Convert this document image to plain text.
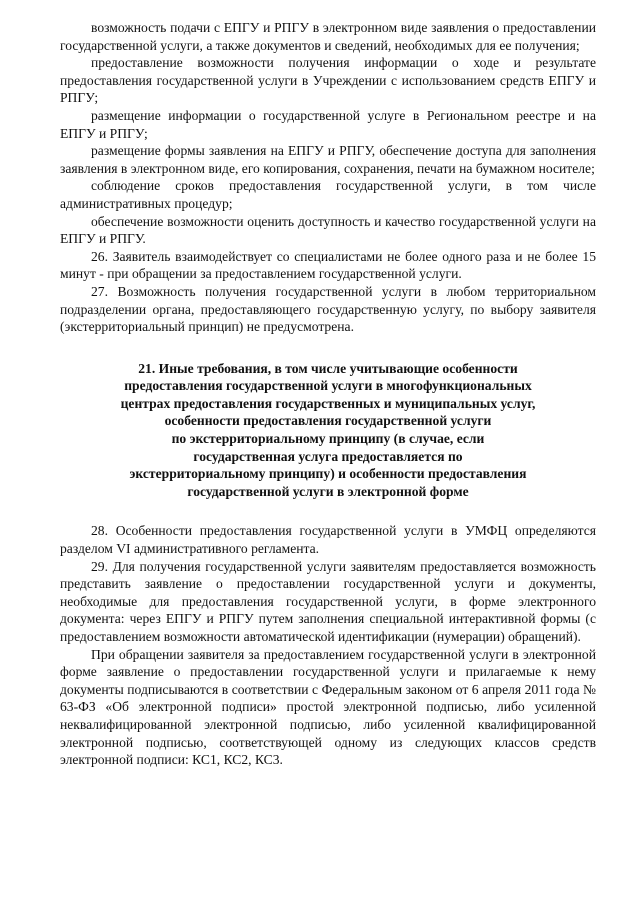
возможность подачи с ЕПГУ и РПГУ в электронном виде заявления о предоставлении государственной услуги, а также документов и сведений, необходимых для ее получения;

предоставление возможности получения информации о ходе и результате предоставления государственной услуги в Учреждении с использованием средств ЕПГУ и РПГУ;

размещение информации о государственной услуге в Региональном реестре и на ЕПГУ и РПГУ;

размещение формы заявления на ЕПГУ и РПГУ, обеспечение доступа для заполнения заявления в электронном виде, его копирования, сохранения, печати на бумажном носителе;

соблюдение сроков предоставления государственной услуги, в том числе административных процедур;

обеспечение возможности оценить доступность и качество государственной услуги на ЕПГУ и РПГУ.

26. Заявитель взаимодействует со специалистами не более одного раза и не более 15 минут - при обращении за предоставлением государственной услуги.

27. Возможность получения государственной услуги в любом территориальном подразделении органа, предоставляющего государственную услугу, по выбору заявителя (экстерриториальный принцип) не предусмотрена.

21. Иные требования, в том числе учитывающие особенности
предоставления государственной услуги в многофункциональных
центрах предоставления государственных и муниципальных услуг,
особенности предоставления государственной услуги
по экстерриториальному принципу (в случае, если
государственная услуга предоставляется по
экстерриториальному принципу) и особенности предоставления
государственной услуги в электронной форме

28. Особенности предоставления государственной услуги в УМФЦ определяются разделом VI административного регламента.

29. Для получения государственной услуги заявителям предоставляется возможность представить заявление о предоставлении государственной услуги и документы, необходимые для предоставления государственной услуги, в форме электронного документа: через ЕПГУ и РПГУ путем заполнения специальной интерактивной формы (с предоставлением возможности автоматической идентификации (нумерации) обращений).

При обращении заявителя за предоставлением государственной услуги в электронной форме заявление о предоставлении государственной услуги и прилагаемые к нему документы подписываются в соответствии с Федеральным законом от 6 апреля 2011 года № 63-ФЗ «Об электронной подписи» простой электронной подписью, либо усиленной неквалифицированной электронной подписью, либо усиленной квалифицированной электронной подписью, соответствующей одному из следующих классов средств электронной подписи: КС1, КС2, КС3.
